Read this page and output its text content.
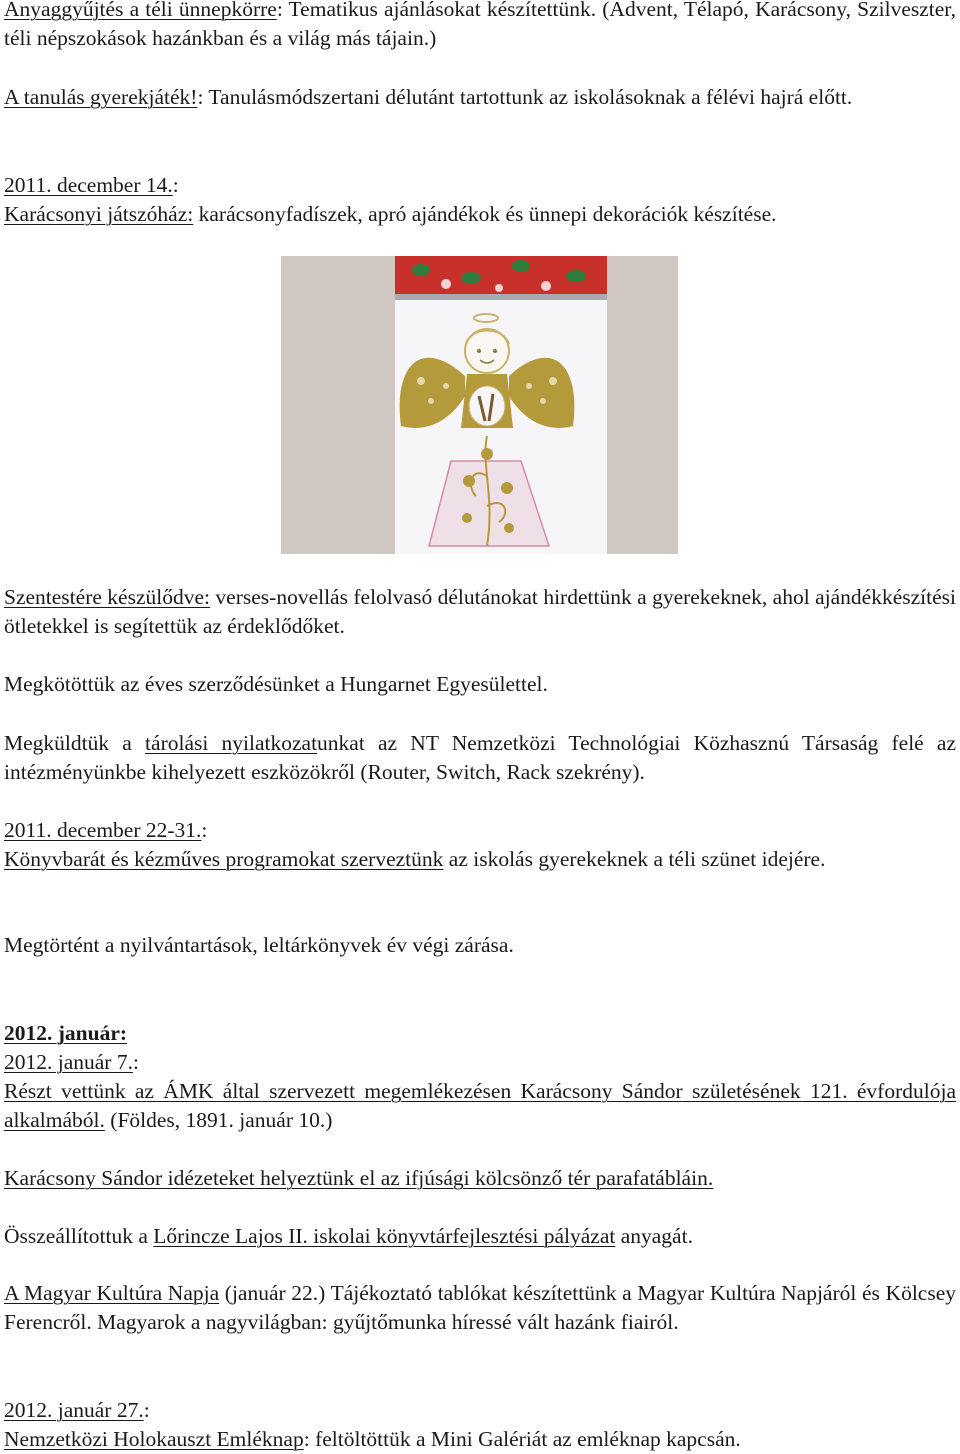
Anyaggyűjtés a téli ünnepkörre: Tematikus ajánlásokat készítettünk. (Advent, Télapó, Karácsony, Szilveszter, téli népszokások hazánkban és a világ más tájain.)

A tanulás gyerekjáték!: Tanulásmódszertani délutánt tartottunk az iskolásoknak a félévi hajrá előtt.

2011. december 14.:

Karácsonyi játszóház: karácsonyfadíszek, apró ajándékok és ünnepi dekorációk készítése.

Szentestére készülődve: verses-novellás felolvasó délutánokat hirdettünk a gyerekeknek, ahol ajándékkészítési ötletekkel is segítettük az érdeklődőket.

Megkötöttük az éves szerződésünket a Hungarnet Egyesülettel.

Megküldtük a tárolási nyilatkozatunkat az NT Nemzetközi Technológiai Közhasznú Társaság felé az intézményünkbe kihelyezett eszközökről (Router, Switch, Rack szekrény).

2011. december 22-31.:

Könyvbarát és kézműves programokat szerveztünk az iskolás gyerekeknek a téli szünet idejére.

Megtörtént a nyilvántartások, leltárkönyvek év végi zárása.

2012. január:

2012. január 7.:

Részt vettünk az ÁMK által szervezett megemlékezésen Karácsony Sándor születésének 121. évfordulója alkalmából. (Földes, 1891. január 10.)

Karácsony Sándor idézeteket helyeztünk el az ifjúsági kölcsönző tér parafatábláin.

Összeállítottuk a Lőrincze Lajos II. iskolai könyvtárfejlesztési pályázat anyagát.

A Magyar Kultúra Napja (január 22.) Tájékoztató tablókat készítettünk a Magyar Kultúra Napjáról és Kölcsey Ferencről. Magyarok a nagyvilágban: gyűjtőmunka híressé vált hazánk fiairól.

2012. január 27.:

Nemzetközi Holokauszt Emléknap: feltöltöttük a Mini Galériát az emléknap kapcsán.
